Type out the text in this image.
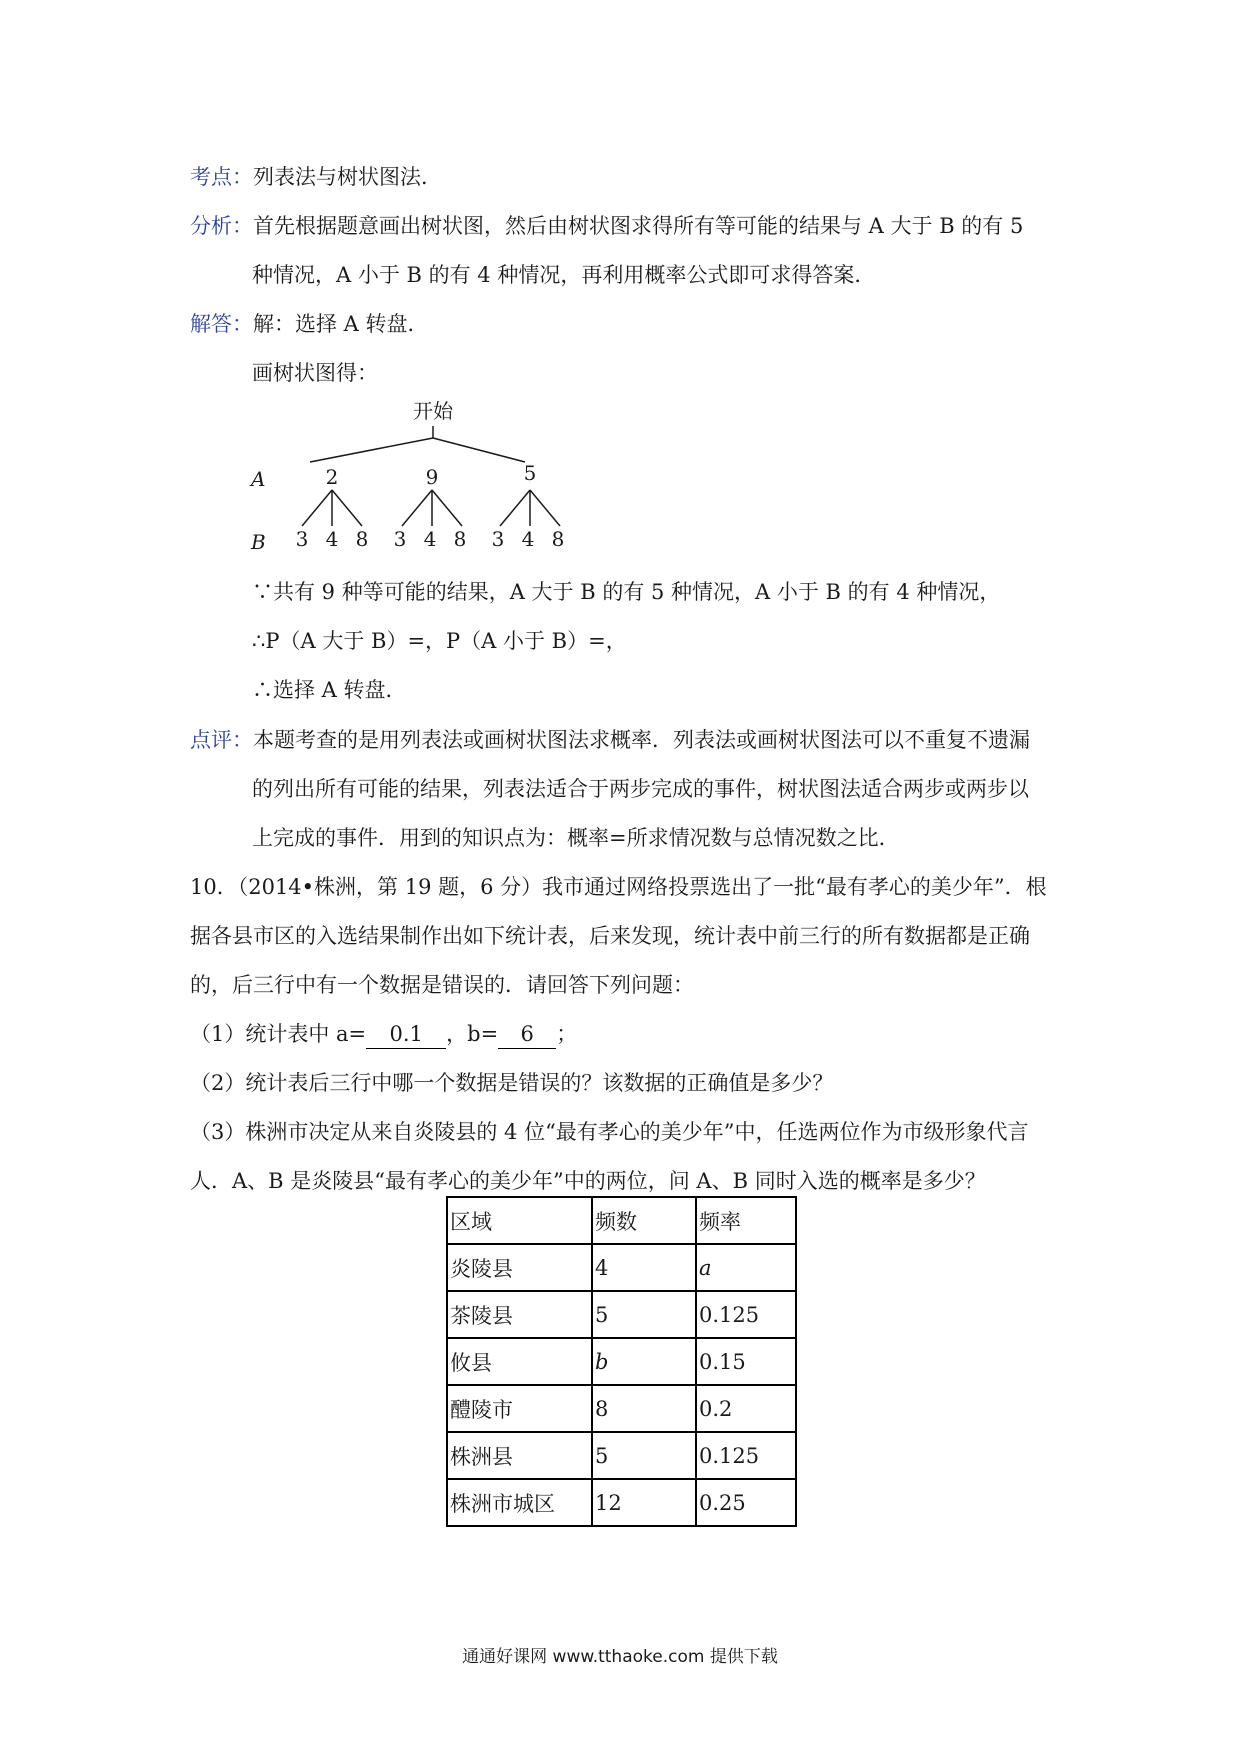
考点：列表法与树状图法．
分析：首先根据题意画出树状图，然后由树状图求得所有等可能的结果与 A 大于 B 的有 5
种情况，A 小于 B 的有 4 种情况，再利用概率公式即可求得答案．
解答：解：选择 A 转盘．
画树状图得：
开始
A	2	9	5
B 3 4 8 3 4 8 3 4 8
∵共有 9 种等可能的结果，A 大于 B 的有 5 种情况，A 小于 B 的有 4 种情况，
∴P（A 大于 B）=，P（A 小于 B）=，
∴选择 A 转盘．
点评：本题考查的是用列表法或画树状图法求概率．列表法或画树状图法可以不重复不遗漏
的列出所有可能的结果，列表法适合于两步完成的事件，树状图法适合两步或两步以
上完成的事件．用到的知识点为：概率=所求情况数与总情况数之比．
10．（2014•株洲，第 19 题，6 分）我市通过网络投票选出了一批“最有孝心的美少年”．根
据各县市区的入选结果制作出如下统计表，后来发现，统计表中前三行的所有数据都是正确
的，后三行中有一个数据是错误的．请回答下列问题：
（1）统计表中 a= 0.1 ，b= 6 ；
（2）统计表后三行中哪一个数据是错误的？该数据的正确值是多少？
（3）株洲市决定从来自炎陵县的 4 位“最有孝心的美少年”中，任选两位作为市级形象代言
人．A、B 是炎陵县“最有孝心的美少年”中的两位，问 A、B 同时入选的概率是多少？
区域	频数	频率
炎陵县	4	a
茶陵县	5	0.125
攸县	b	0.15
醴陵市	8	0.2
株洲县	5	0.125
株洲市城区	12	0.25
通通好课网 www.tthaoke.com 提供下载
